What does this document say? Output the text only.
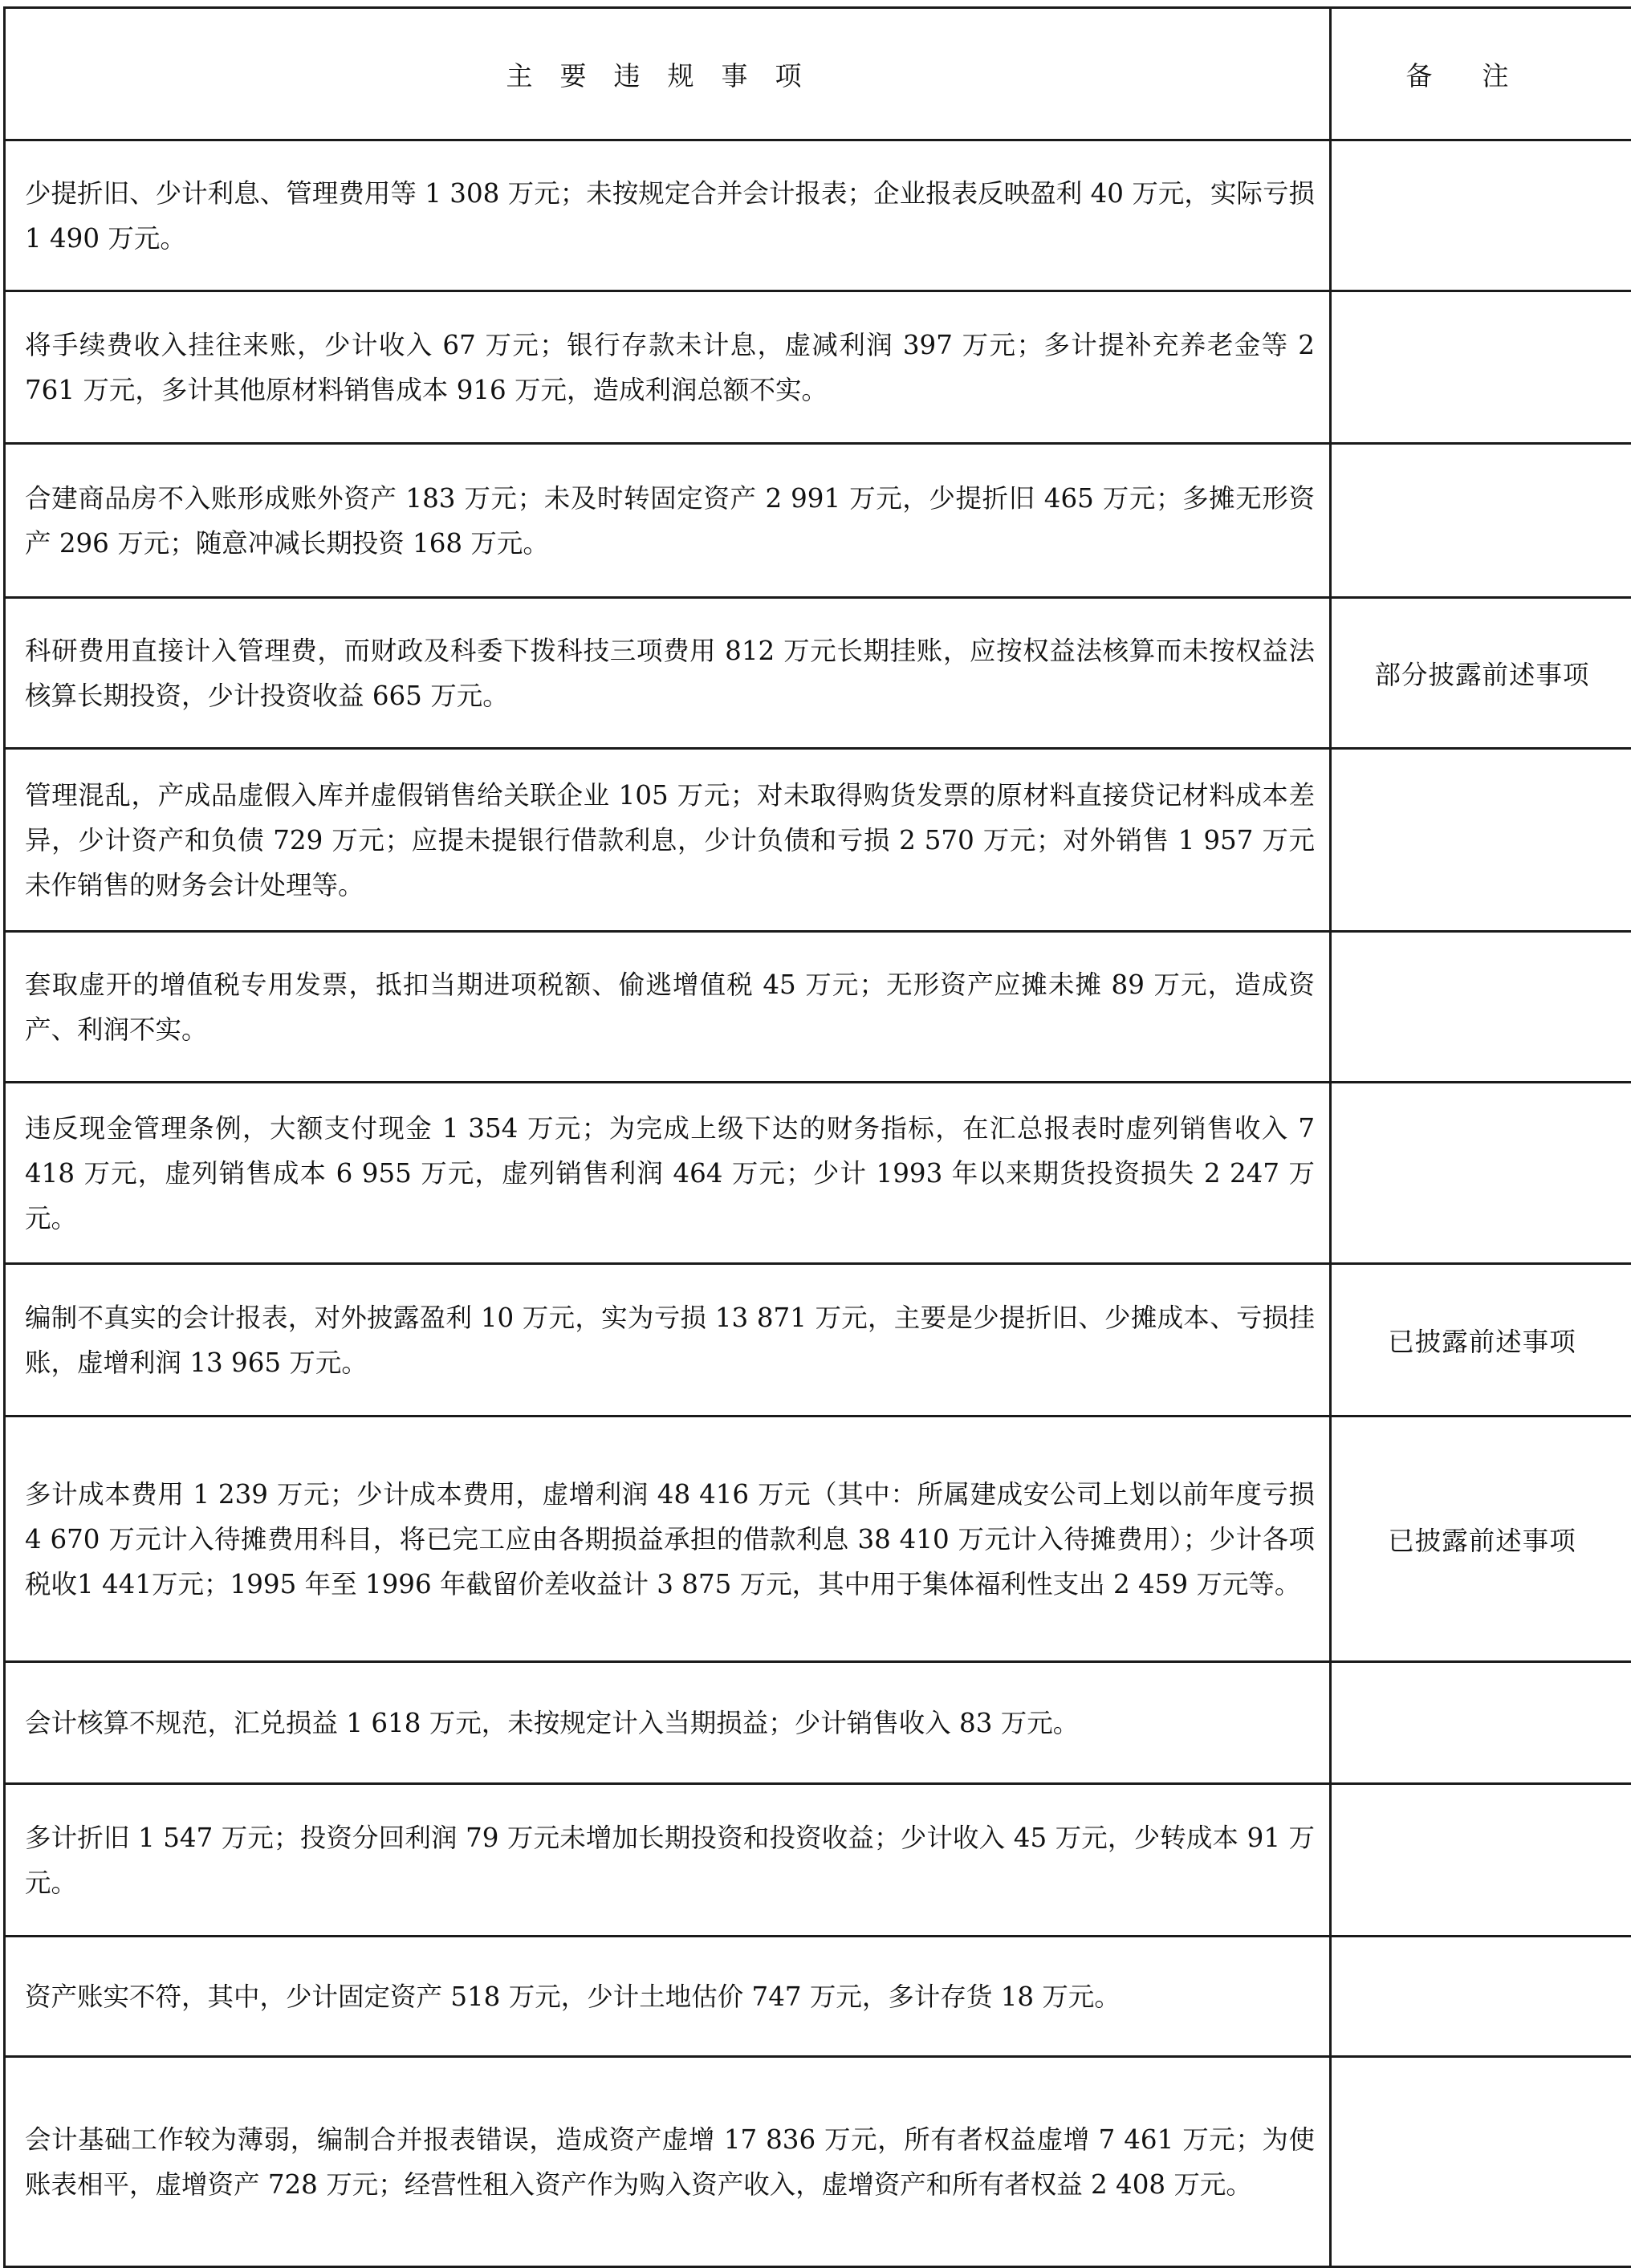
主要违规事项	备注
少提折旧、少计利息、管理费用等 1 308 万元；未按规定合并会计报表；企业报表反映盈利 40 万元，实际亏损 1 490 万元。	
将手续费收入挂往来账，少计收入 67 万元；银行存款未计息，虚减利润 397 万元；多计提补充养老金等 2 761 万元，多计其他原材料销售成本 916 万元，造成利润总额不实。	
合建商品房不入账形成账外资产 183 万元；未及时转固定资产 2 991 万元，少提折旧 465 万元；多摊无形资产 296 万元；随意冲减长期投资 168 万元。	
科研费用直接计入管理费，而财政及科委下拨科技三项费用 812 万元长期挂账，应按权益法核算而未按权益法核算长期投资，少计投资收益 665 万元。	部分披露前述事项
管理混乱，产成品虚假入库并虚假销售给关联企业 105 万元；对未取得购货发票的原材料直接贷记材料成本差异，少计资产和负债 729 万元；应提未提银行借款利息，少计负债和亏损 2 570 万元；对外销售 1 957 万元未作销售的财务会计处理等。	
套取虚开的增值税专用发票，抵扣当期进项税额、偷逃增值税 45 万元；无形资产应摊未摊 89 万元，造成资产、利润不实。	
违反现金管理条例，大额支付现金 1 354 万元；为完成上级下达的财务指标，在汇总报表时虚列销售收入 7 418 万元，虚列销售成本 6 955 万元，虚列销售利润 464 万元；少计 1993 年以来期货投资损失 2 247 万元。	
编制不真实的会计报表，对外披露盈利 10 万元，实为亏损 13 871 万元，主要是少提折旧、少摊成本、亏损挂账，虚增利润 13 965 万元。	已披露前述事项
多计成本费用 1 239 万元；少计成本费用，虚增利润 48 416 万元（其中：所属建成安公司上划以前年度亏损 4 670 万元计入待摊费用科目，将已完工应由各期损益承担的借款利息 38 410 万元计入待摊费用）；少计各项税收1 441万元；1995 年至 1996 年截留价差收益计 3 875 万元，其中用于集体福利性支出 2 459 万元等。	已披露前述事项
会计核算不规范，汇兑损益 1 618 万元，未按规定计入当期损益；少计销售收入 83 万元。	
多计折旧 1 547 万元；投资分回利润 79 万元未增加长期投资和投资收益；少计收入 45 万元，少转成本 91 万元。	
资产账实不符，其中，少计固定资产 518 万元，少计土地估价 747 万元，多计存货 18 万元。	
会计基础工作较为薄弱，编制合并报表错误，造成资产虚增 17 836 万元，所有者权益虚增 7 461 万元；为使账表相平，虚增资产 728 万元；经营性租入资产作为购入资产收入，虚增资产和所有者权益 2 408 万元。	
